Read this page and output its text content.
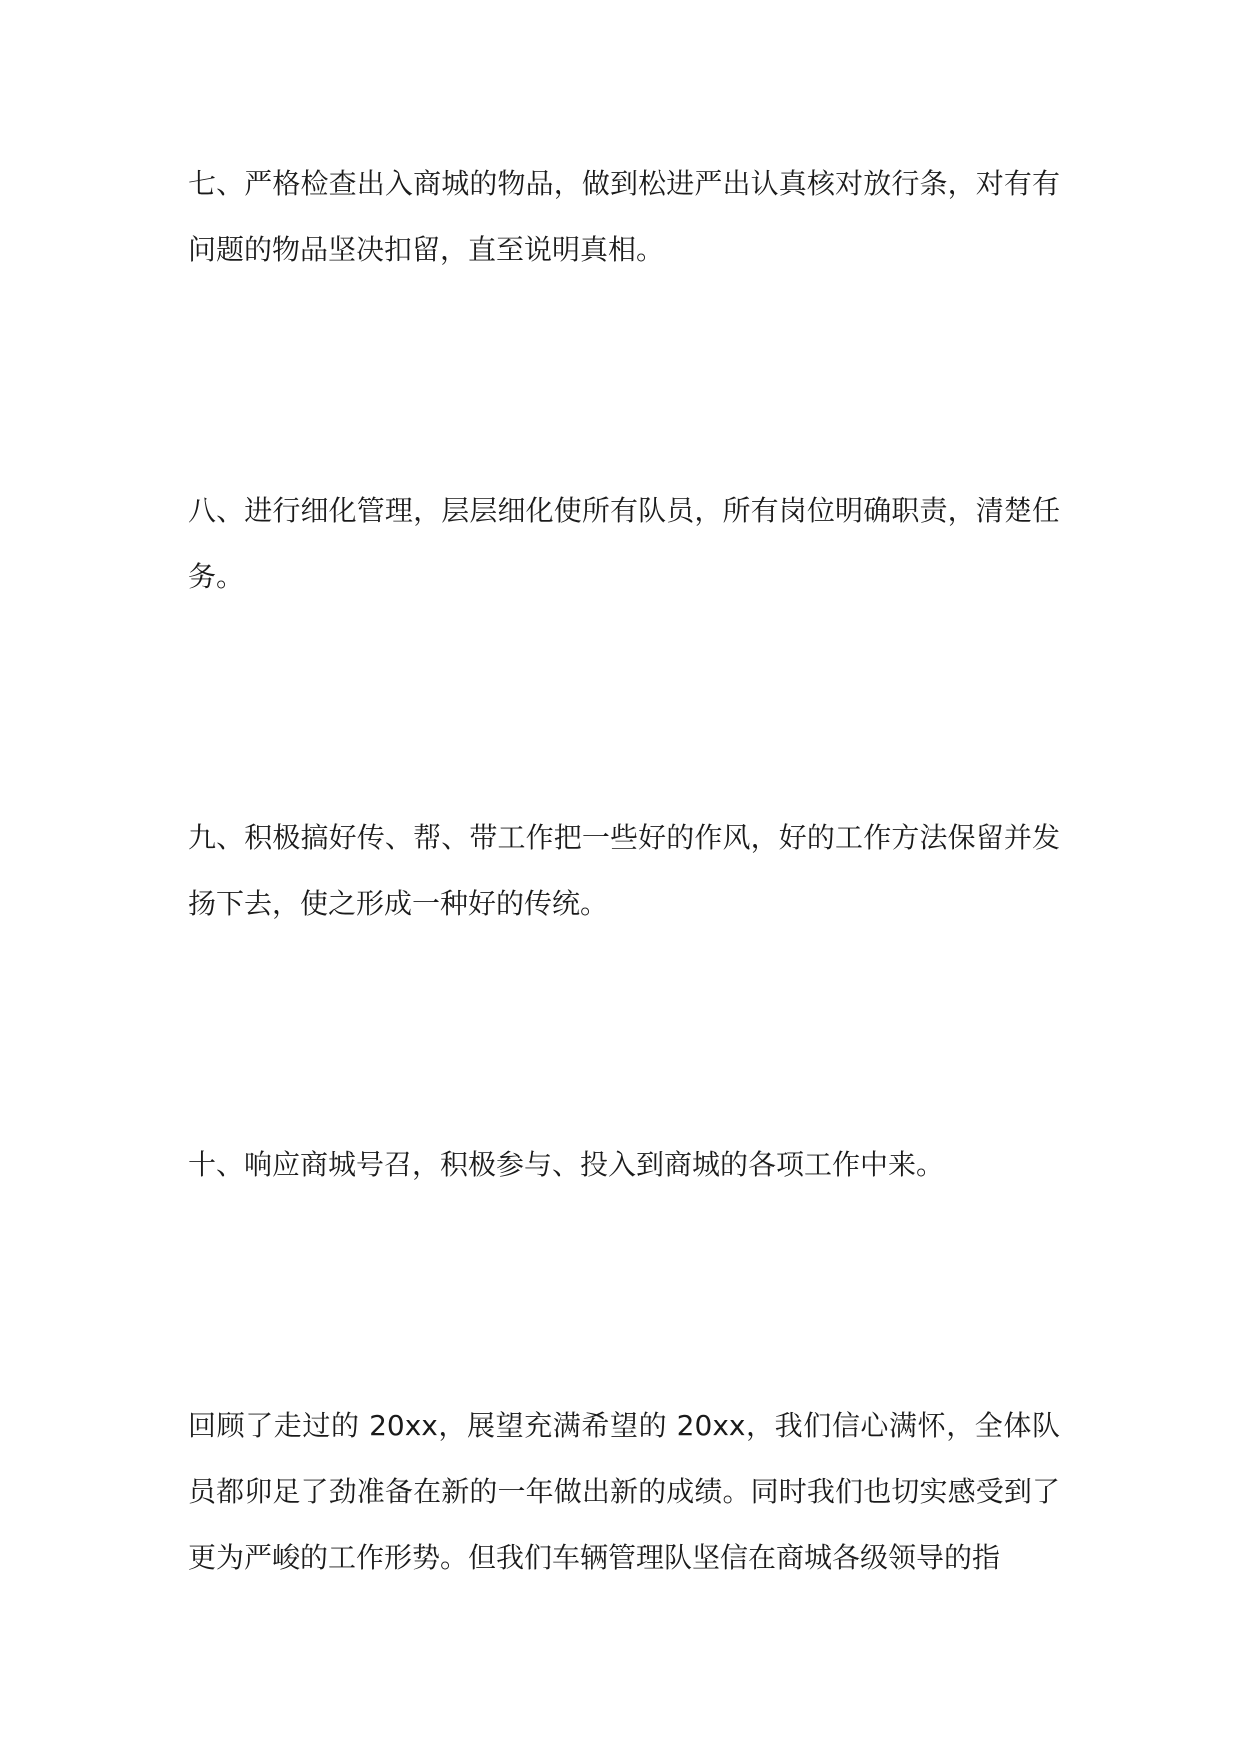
七、严格检查出入商城的物品，做到松进严出认真核对放行条，对有有问题的物品坚决扣留，直至说明真相。

八、进行细化管理，层层细化使所有队员，所有岗位明确职责，清楚任务。

九、积极搞好传、帮、带工作把一些好的作风，好的工作方法保留并发扬下去，使之形成一种好的传统。

十、响应商城号召，积极参与、投入到商城的各项工作中来。

回顾了走过的 20xx，展望充满希望的 20xx，我们信心满怀，全体队员都卯足了劲准备在新的一年做出新的成绩。同时我们也切实感受到了更为严峻的工作形势。但我们车辆管理队坚信在商城各级领导的指
